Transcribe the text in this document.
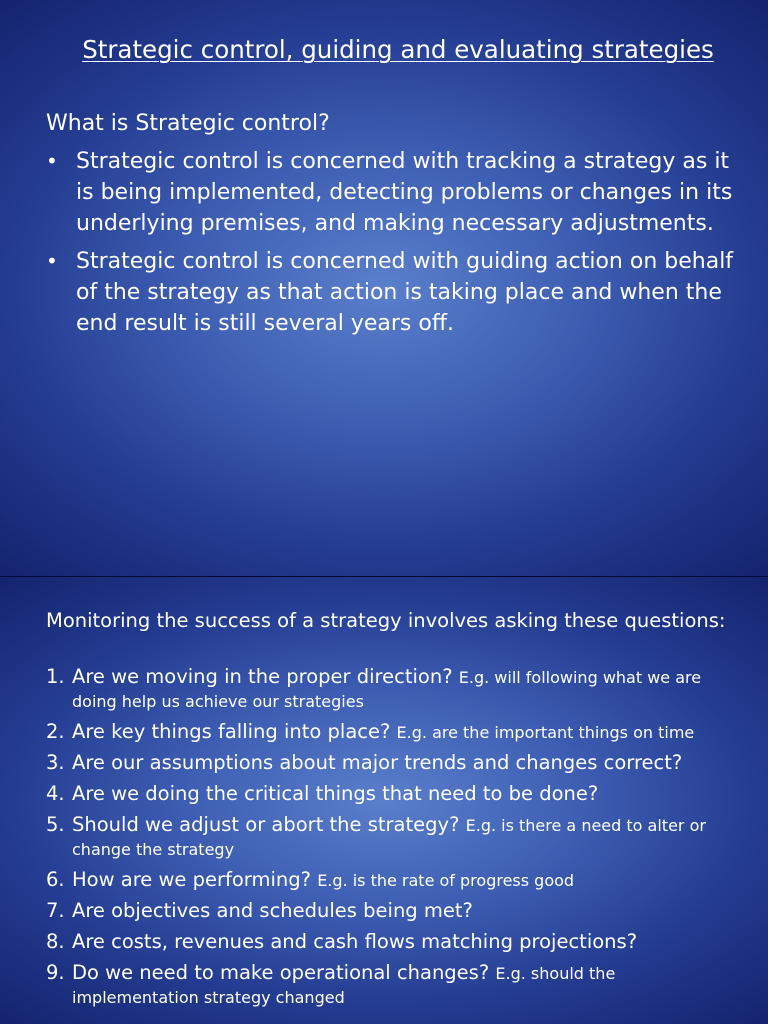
Strategic control, guiding and evaluating strategies
What is Strategic control?
• Strategic control is concerned with tracking a strategy as it is being implemented, detecting problems or changes in its underlying premises, and making necessary adjustments.
• Strategic control is concerned with guiding action on behalf of the strategy as that action is taking place and when the end result is still several years off.
Monitoring the success of a strategy involves asking these questions:
1. Are we moving in the proper direction? E.g. will following what we are doing help us achieve our strategies
2. Are key things falling into place? E.g. are the important things on time
3. Are our assumptions about major trends and changes correct?
4. Are we doing the critical things that need to be done?
5. Should we adjust or abort the strategy? E.g. is there a need to alter or change the strategy
6. How are we performing? E.g. is the rate of progress good
7. Are objectives and schedules being met?
8. Are costs, revenues and cash flows matching projections?
9. Do we need to make operational changes? E.g. should the implementation strategy changed
